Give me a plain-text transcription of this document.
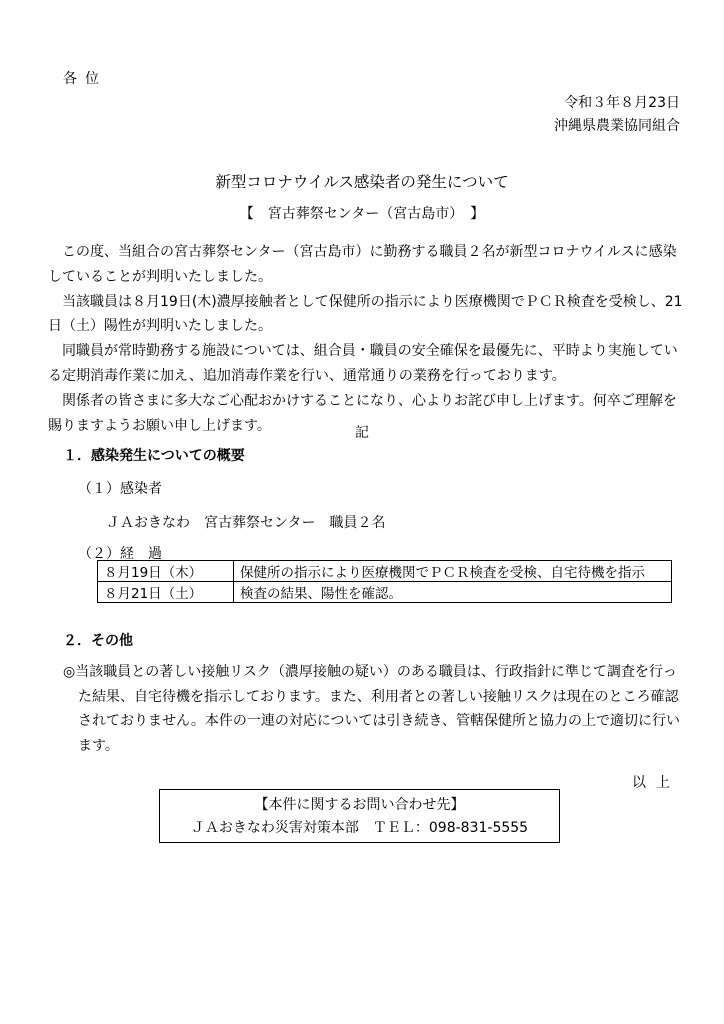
各位
令和３年８月23日
沖縄県農業協同組合
新型コロナウイルス感染者の発生について
【　宮古葬祭センター（宮古島市）　】

この度、当組合の宮古葬祭センター（宮古島市）に勤務する職員２名が新型コロナウイルスに感染していることが判明いたしました。

当該職員は８月19日(木)濃厚接触者として保健所の指示により医療機関でＰＣＲ検査を受検し、21日（土）陽性が判明いたしました。

同職員が常時勤務する施設については、組合員・職員の安全確保を最優先に、平時より実施している定期消毒作業に加え、追加消毒作業を行い、通常通りの業務を行っております。

関係者の皆さまに多大なご心配おかけすることになり、心よりお詫び申し上げます。何卒ご理解を賜りますようお願い申し上げます。	記
１．感染発生についての概要
（１）感染者
ＪＡおきなわ　宮古葬祭センター　職員２名
（２）経　過
８月19日（木）	保健所の指示により医療機関でＰＣＲ検査を受検、自宅待機を指示
８月21日（土）	検査の結果、陽性を確認。
２．その他

◎当該職員との著しい接触リスク（濃厚接触の疑い）のある職員は、行政指針に準じて調査を行った結果、自宅待機を指示しております。また、利用者との著しい接触リスクは現在のところ確認されておりません。本件の一連の対応については引き続き、管轄保健所と協力の上で適切に行います。

以上
【本件に関するお問い合わせ先】
ＪＡおきなわ災害対策本部　ＴＥＬ：098-831-5555
